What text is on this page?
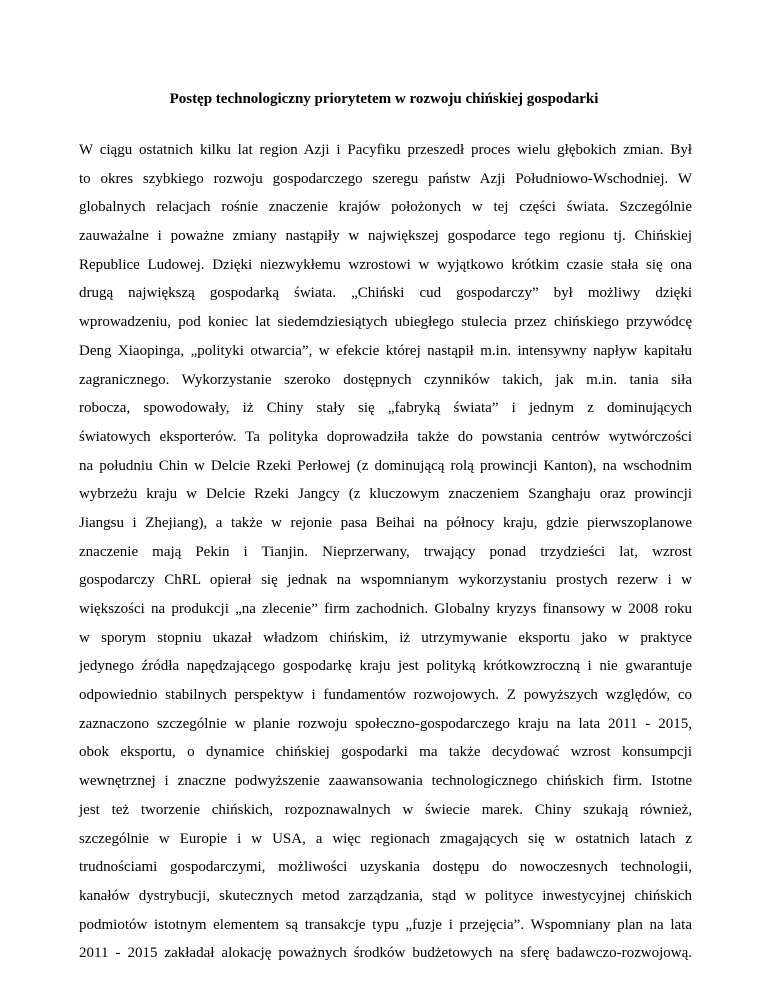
Postęp technologiczny priorytetem w rozwoju chińskiej gospodarki
W ciągu ostatnich kilku lat region Azji i Pacyfiku przeszedł proces wielu głębokich zmian. Był
to okres szybkiego rozwoju gospodarczego szeregu państw Azji Południowo-Wschodniej. W
globalnych relacjach rośnie znaczenie krajów położonych w tej części świata. Szczególnie
zauważalne i poważne zmiany nastąpiły w największej gospodarce tego regionu tj. Chińskiej
Republice Ludowej. Dzięki niezwykłemu wzrostowi w wyjątkowo krótkim czasie stała się ona
drugą największą gospodarką świata. „Chiński cud gospodarczy” był możliwy dzięki
wprowadzeniu, pod koniec lat siedemdziesiątych ubiegłego stulecia przez chińskiego przywódcę
Deng Xiaopinga, „polityki otwarcia”, w efekcie której nastąpił m.in. intensywny napływ kapitału
zagranicznego. Wykorzystanie szeroko dostępnych czynników takich, jak m.in. tania siła
robocza, spowodowały, iż Chiny stały się „fabryką świata” i jednym z dominujących
światowych eksporterów. Ta polityka doprowadziła także do powstania centrów wytwórczości
na południu Chin w Delcie Rzeki Perłowej (z dominującą rolą prowincji Kanton), na wschodnim
wybrzeżu kraju w Delcie Rzeki Jangcy (z kluczowym znaczeniem Szanghaju oraz prowincji
Jiangsu i Zhejiang), a także w rejonie pasa Beihai na północy kraju, gdzie pierwszoplanowe
znaczenie mają Pekin i Tianjin. Nieprzerwany, trwający ponad trzydzieści lat, wzrost
gospodarczy ChRL opierał się jednak na wspomnianym wykorzystaniu prostych rezerw i w
większości na produkcji „na zlecenie” firm zachodnich. Globalny kryzys finansowy w 2008 roku
w sporym stopniu ukazał władzom chińskim, iż utrzymywanie eksportu jako w praktyce
jedynego źródła napędzającego gospodarkę kraju jest polityką krótkowzroczną i nie gwarantuje
odpowiednio stabilnych perspektyw i fundamentów rozwojowych. Z powyższych względów, co
zaznaczono szczególnie w planie rozwoju społeczno-gospodarczego kraju na lata 2011 - 2015,
obok eksportu, o dynamice chińskiej gospodarki ma także decydować wzrost konsumpcji
wewnętrznej i znaczne podwyższenie zaawansowania technologicznego chińskich firm. Istotne
jest też tworzenie chińskich, rozpoznawalnych w świecie marek. Chiny szukają również,
szczególnie w Europie i w USA, a więc regionach zmagających się w ostatnich latach z
trudnościami gospodarczymi, możliwości uzyskania dostępu do nowoczesnych technologii,
kanałów dystrybucji, skutecznych metod zarządzania, stąd w polityce inwestycyjnej chińskich
podmiotów istotnym elementem są transakcje typu „fuzje i przejęcia”. Wspomniany plan na lata
2011 - 2015 zakładał alokację poważnych środków budżetowych na sferę badawczo-rozwojową.
